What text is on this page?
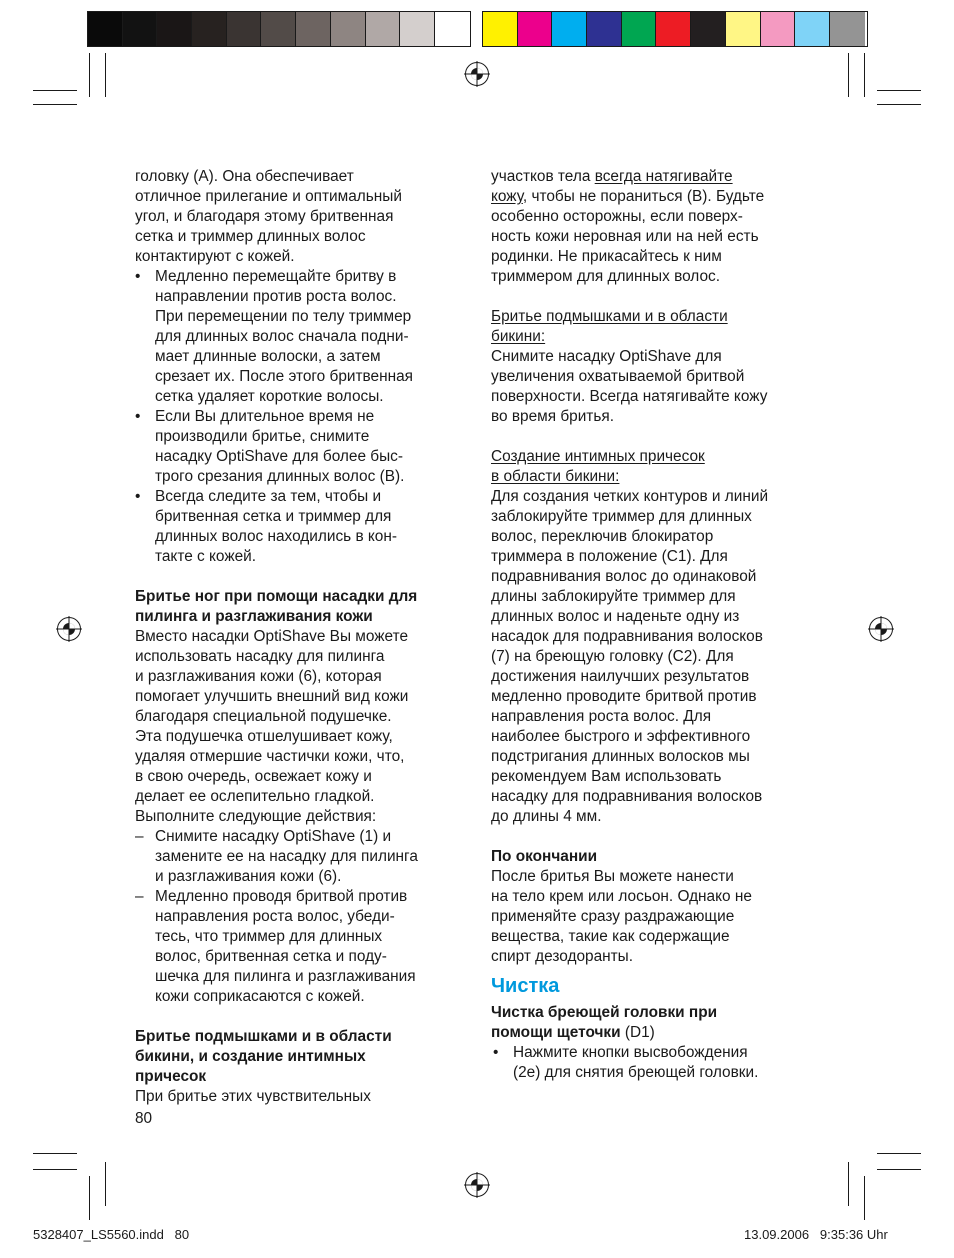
головку (A). Она обеспечивает
отличное прилегание и оптимальный
угол, и благодаря этому бритвенная
сетка и триммер длинных волос
контактируют с кожей.
• Медленно перемещайте бритву в
направлении против роста волос.
При перемещении по телу триммер
для длинных волос сначала подни-
мает длинные волоски, а затем
срезает их. После этого бритвенная
сетка удаляет короткие волосы.
• Если Вы длительное время не
производили бритье, снимите
насадку OptiShave для более быс-
трого срезания длинных волос (B).
• Всегда следите за тем, чтобы и
бритвенная сетка и триммер для
длинных волос находились в кон-
такте с кожей.
Бритье ног при помощи насадки для
пилинга и разглаживания кожи
Вместо насадки OptiShave Вы можете
использовать насадку для пилинга
и разглаживания кожи (6), которая
помогает улучшить внешний вид кожи
благодаря специальной подушечке.
Эта подушечка отшелушивает кожу,
удаляя отмершие частички кожи, что,
в свою очередь, освежает кожу и
делает ее ослепительно гладкой.
Выполните следующие действия:
– Снимите насадку OptiShave (1) и
замените ее на насадку для пилинга
и разглаживания кожи (6).
– Медленно проводя бритвой против
направления роста волос, убеди-
тесь, что триммер для длинных
волос, бритвенная сетка и поду-
шечка для пилинга и разглаживания
кожи соприкасаются с кожей.
Бритье подмышками и в области
бикини, и создание интимных
причесок
При бритье этих чувствительных
участков тела всегда натягивайте
кожу, чтобы не пораниться (B). Будьте
особенно осторожны, если поверх-
ность кожи неровная или на ней есть
родинки. Не прикасайтесь к ним
триммером для длинных волос.
Бритье подмышками и в области
бикини:
Снимите насадку OptiShave для
увеличения охватываемой бритвой
поверхности. Всегда натягивайте кожу
во время бритья.
Создание интимных причесок
в области бикини:
Для создания четких контуров и линий
заблокируйте триммер для длинных
волос, переключив блокиратор
триммера в положение (C1). Для
подравнивания волос до одинаковой
длины заблокируйте триммер для
длинных волос и наденьте одну из
насадок для подравнивания волосков
(7) на бреющую головку (C2). Для
достижения наилучших результатов
медленно проводите бритвой против
направления роста волос. Для
наиболее быстрого и эффективного
подстригания длинных волосков мы
рекомендуем Вам использовать
насадку для подравнивания волосков
до длины 4 мм.
По окончании
После бритья Вы можете нанести
на тело крем или лосьон. Однако не
применяйте сразу раздражающие
вещества, такие как содержащие
спирт дезодоранты.
Чистка
Чистка бреющей головки при
помощи щеточки (D1)
• Нажмите кнопки высвобождения
(2e) для снятия бреющей головки.
80
5328407_LS5560.indd   80	13.09.2006   9:35:36 Uhr
